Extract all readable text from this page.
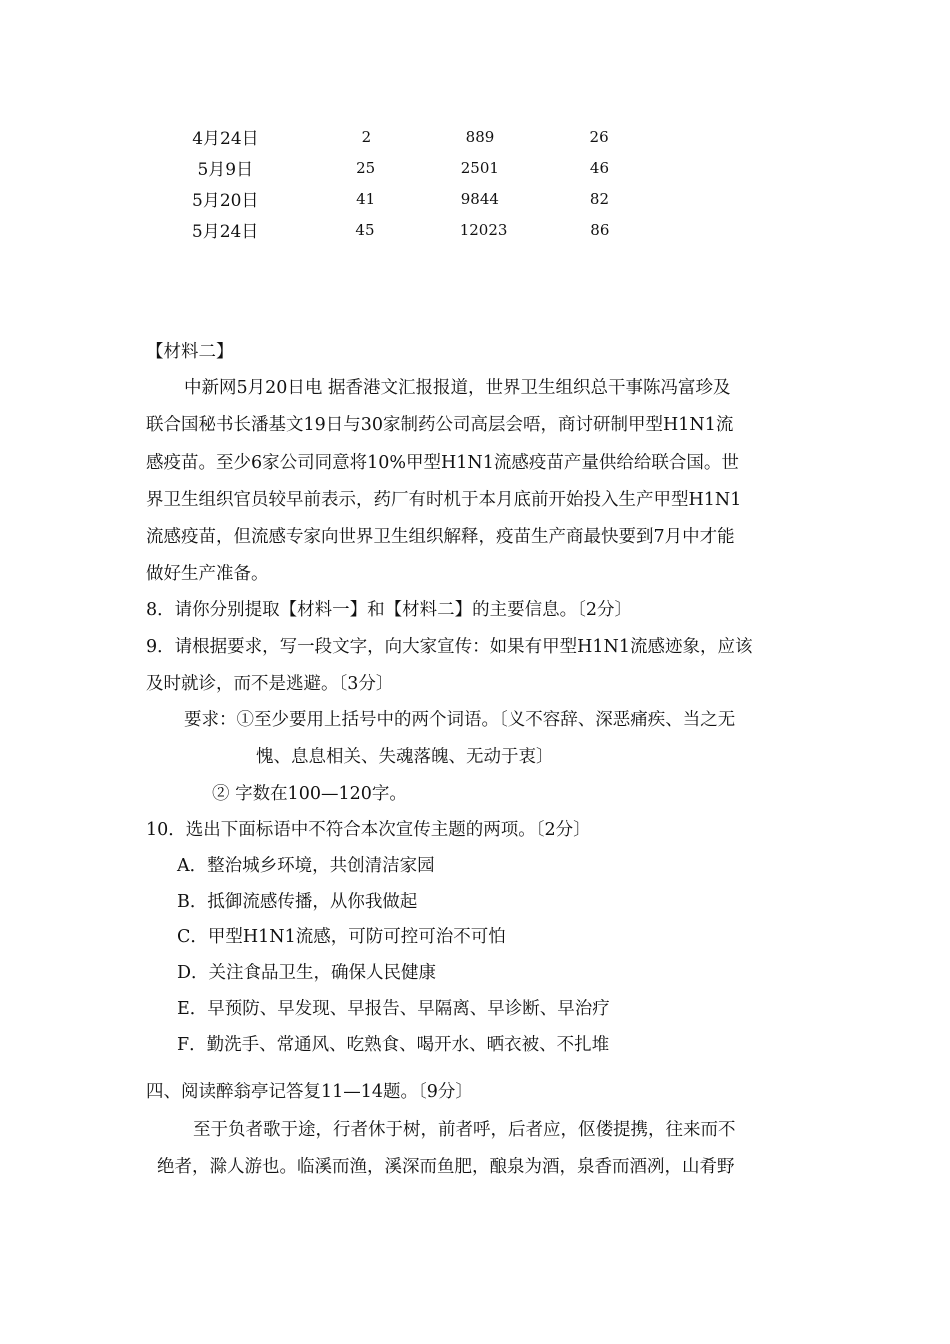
4月24日	2	889	26
5月9日	25	2501	46
5月20日	41	9844	82
5月24日	45	12023	86
【材料二】
中新网5月20日电 据香港文汇报报道，世界卫生组织总干事陈冯富珍及
联合国秘书长潘基文19日与30家制药公司高层会唔，商讨研制甲型H1N1流
感疫苗。至少6家公司同意将10%甲型H1N1流感疫苗产量供给给联合国。世
界卫生组织官员较早前表示，药厂有时机于本月底前开始投入生产甲型H1N1
流感疫苗，但流感专家向世界卫生组织解释，疫苗生产商最快要到7月中才能
做好生产准备。
8．请你分别提取【材料一】和【材料二】的主要信息。〔2分〕
9．请根据要求，写一段文字，向大家宣传：如果有甲型H1N1流感迹象，应该
及时就诊，而不是逃避。〔3分〕
要求：①至少要用上括号中的两个词语。〔义不容辞、深恶痛疾、当之无
愧、息息相关、失魂落魄、无动于衷〕
② 字数在100—120字。
10．选出下面标语中不符合本次宣传主题的两项。〔2分〕
A．整治城乡环境，共创清洁家园
B．抵御流感传播，从你我做起
C．甲型H1N1流感，可防可控可治不可怕
D．关注食品卫生，确保人民健康
E．早预防、早发现、早报告、早隔离、早诊断、早治疗
F．勤洗手、常通风、吃熟食、喝开水、晒衣被、不扎堆
四、阅读醉翁亭记答复11—14题。〔9分〕
至于负者歌于途，行者休于树，前者呼，后者应，伛偻提携，往来而不
绝者，滁人游也。临溪而渔，溪深而鱼肥，酿泉为酒，泉香而酒冽，山肴野
